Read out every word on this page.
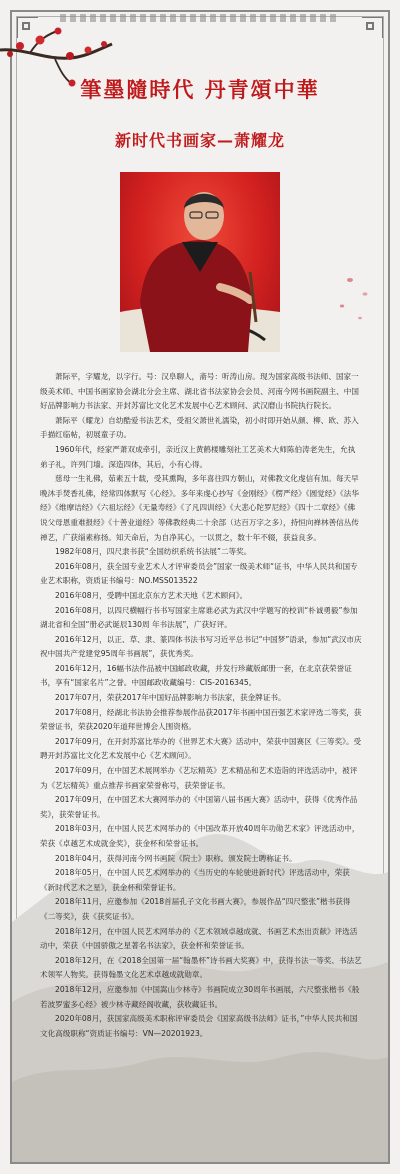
筆墨隨時代 丹青頌中華
新时代书画家—萧耀龙

萧际平，字耀龙，以字行。号：汉阜聊人，斋号：听涛山房。现为国家高级书法师、国家一级美术师、中国书画家协会湖北分会主席、湖北省书法家协会会员、河南今网书画院副主、中国好品牌影响力书法家、开封苏富比文化艺术发展中心艺术顾问、武汉磨山书院执行院长。

萧际平（耀龙）自幼酷爱书法艺术，受祖父萧世礼濡染，初小时即开始从颜、柳、欧、苏入手描红临帖，初展童子功。

1960年代，经家严萧双成牵引，亲近汉上黄鹤楼雕刻社工艺美术大师陈伯涛老先生，允执弟子礼，许列门墙。深造四体，其后，小有心得。

慈母一生礼佛，茹素五十载，受其熏陶，多年喜往四方朝山，对佛教文化虔信有加。每天早晚沐手焚香礼佛，经常四体默写《心经》。多年来虔心抄写《金刚经》《楞严经》《圆觉经》《法华经》《维摩诘经》《六祖坛经》《无量寿经》《了凡四训经》《大悲心陀罗尼经》《四十二章经》《佛说父母恩重难报经》《十善业道经》等佛教经典二十余部（达百万字之多），持恒向禅林善信丛传禅艺，广获缁素称扬。知天命后，为自净其心，一以贯之，数十年不辍，获益良多。

1982年08月，四尺隶书获“全国纺织系统书法展”二等奖。

2016年08月，获全国专业艺术人才评审委员会”国家一级美术师“证书，中华人民共和国专业艺术职称，资质证书编号：NO.MSS013522

2016年08月，受聘中国北京东方艺术天地《艺术顾问》。

2016年08月，以四尺横幅行书书写国家主席谁必武为武汉中学题写的校训“朴诚勇毅”参加湖北省和全国“册必武诞辰130周 年书法展”，广获好评。

2016年12月，以正、草、隶、篆四体书法书写习近平总书记“中国梦”语录，参加“武汉市庆祝中国共产党建党95周年书画展”，获优秀奖。

2016年12月，16幅书法作品被中国邮政收藏，并发行珍藏版邮册一套，在北京获荣誉证书，享有“国家名片”之誉。中国邮政收藏编号：CIS-2016345。

2017年07月，荣获2017年中国好品牌影响力书法家，获金牌证书。

2017年08月，经湖北书法协会推荐参展作品获2017年书画中国百强艺术家评选二等奖，获荣誉证书，荣获2020年道拜世博会人围资格。

2017年09月，在开封苏富比举办的《世界艺术大赛》活动中，荣获中国赛区《三等奖》。受聘开封苏富比文化艺术发展中心《艺术顾问》。

2017年09月，在中国艺术展网举办《艺坛精英》艺术精品和艺术造诣的评选活动中，被评为《艺坛精英》重点推荐书画家荣誉称号，获荣誉证书。

2017年09月，在中国艺术大赛网举办的《中国第八届书画大赛》活动中，获得《优秀作品奖》，获荣誉证书。

2018年03月，在中国人民艺术网举办的《中国改革开放40周年功勋艺术家》评选活动中，荣获《卓越艺术成就金奖》，获金杯和荣誉证书。

2018年04月，获得河南今网书画院《院士》职称。颁发院士聘称证书。

2018年05月，在中国人民艺术网举办的《当历史的车轮驶进新时代》评选活动中，荣获《新时代艺术之星》，获金杯和荣誉证书。

2018年11月，应邀参加《2018首届孔子文化书画大赛》，参展作品“四尺整张”楷书获得《二等奖》，获《获奖证书》。

2018年12月，在中国人民艺术网举办的《艺术领域卓越成就、书画艺术杰出贡献》评选活动中，荣获《中国骄傲之星著名书法家》，获金杯和荣誉证书。

2018年12月，在《2018全国第一届“翰墨杯”诗书画大奖赛》中，获得书法一等奖、书法艺术领军人物奖。获得翰墨文化艺术卓越成就勋章。

2018年12月，应邀参加《中国嵩山少林寺》书画院成立30周年书画展，六尺整张楷书《般若波罗蜜多心经》被少林寺藏经阁收藏，获收藏证书。

2020年08月，获国家高级美术职称评审委员会《国家高级书法师》证书，”中华人民共和国文化高级职称“资质证书编号：VN—20201923。
